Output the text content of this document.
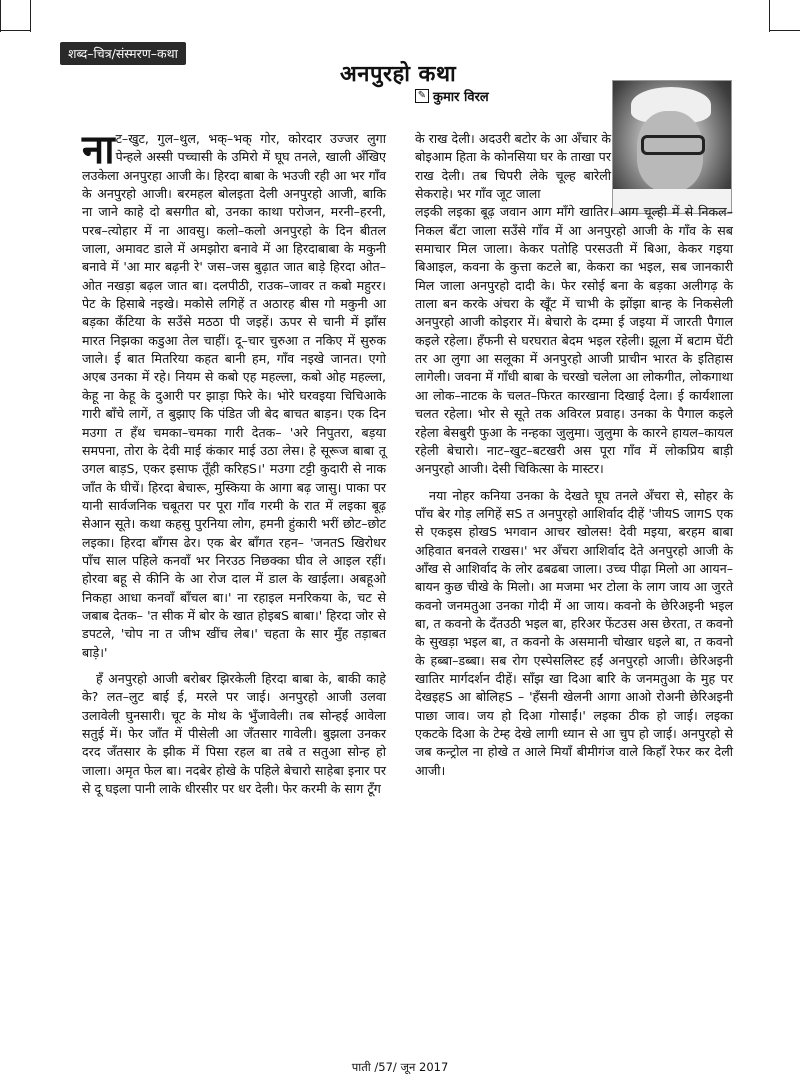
शब्द–चित्र/संस्मरण–कथा
अनपुरहो कथा
✎ कुमार विरल

नाट–खुट, गुल–थुल, भक्–भक् गोर, कोरदार उज्जर लुगा पेन्हले अस्सी पच्चासी के उमिरो में घूघ तनले, खाली अँखिए लउकेला अनपुरहा आजी के। हिरदा बाबा के भउजी रही आ भर गाँव के अनपुरहो आजी। बरमहल बोलइता देली अनपुरहो आजी, बाकि ना जाने काहे दो बसगीत बो, उनका काथा परोजन, मरनी–हरनी, परब–त्योहार में ना आवसु। कलो–कलो अनपुरहो के दिन बीतल जाला, अमावट डाले में अमझोरा बनावे में आ हिरदाबाबा के मकुनी बनावे में 'आ मार बढ़नी रे' जस–जस बुढ़ात जात बाड़े हिरदा ओत–ओत नखड़ा बढ़ल जात बा। दलपीठी, राउक–जावर त कबो महुरर। पेट के हिसाबे नइखे। मकोसे लगिहें त अठारह बीस गो मकुनी आ बड़का कँटिया के सउँसे मठठा पी जइहें। ऊपर से चानी में झाँस मारत निझका कडुआ तेल चाहीं। दू–चार चुरुआ त नकिए में सुरुक जाले। ई बात मितरिया कहत बानी हम, गाँव नइखे जानत। एगो अएब उनका में रहे। नियम से कबो एह महल्ला, कबो ओह महल्ला, केहू ना केहू के दुआरी पर झाड़ा फिरे के। भोरे घरवइया चिचिआके गारी बाँचे लागें, त बुझाए कि पंडित जी बेद बाचत बाड़न। एक दिन मउगा त हँथ चमका–चमका गारी देतक– 'अरे निपुतरा, बड़या समपना, तोरा के देवी माई कंकार माई उठा लेस। हे सूरूज बाबा तू उगल बाड़S, एकर इसाफ तूँही करिहS।' मउगा टट्टी कुदारी से नाक जाँत के घीचें। हिरदा बेचारू, मुस्किया के आगा बढ़ जासु। पाका पर यानी सार्वजनिक चबूतरा पर पूरा गाँव गरमी के रात में लइका बूढ़ सेआन सूते। कथा कहसु पुरनिया लोग, हमनी हुंकारी भरीं छोट–छोट लइका। हिरदा बाँगस ढेर। एक बेर बाँगत रहन– 'जनतS खिरोधर पाँच साल पहिले कनवाँ भर निरउठ निछक्का घीव ले आइल रहीं। होरवा बहू से कीनि के आ रोज दाल में डाल के खाईला। अबहूओ निकहा आधा कनवाँ बाँचल बा।' ना रहाइल मनरिकया के, चट से जबाब देतक– 'त सीक में बोर के खात होइबS बाबा।' हिरदा जोर से डपटले, 'चोप ना त जीभ खींच लेब।' चहता के सार मुँह तड़ाबत बाड़े।'

हँ अनपुरहो आजी बरोबर झिरकेली हिरदा बाबा के, बाकी काहे के? लत–लुट बाई ई, मरले पर जाई। अनपुरहो आजी उलवा उलावेली घुनसारी। चूट के मोथ के भुँजावेली। तब सोन्हई आवेला सतुई में। फेर जाँत में पीसेली आ जँतसार गावेली। बुझला उनकर दरद जँतसार के झीक में पिसा रहल बा तबे त सतुआ सोन्ह हो जाला। अमृत फेल बा। नदबेर होखे के पहिले बेचारो साहेबा इनार पर से दू घइला पानी लाके धीरसीर पर धर देली। फेर करमी के साग टूँग

के राख देली। अदउरी बटोर के आ अँचार के बोइआम हिता के कोनसिया घर के ताखा पर राख देली। तब चिपरी लेके चूल्ह बारेली सेकराहे। भर गाँव जूट जाला

लइकी लइका बूढ़ जवान आग माँगे खातिर। आग चूल्ही में से निकल–निकल बँटा जाला सउँसे गाँव में आ अनपुरहो आजी के गाँव के सब समाचार मिल जाला। केकर पतोहि परसउती में बिआ, केकर गइया बिआइल, कवना के कुत्ता कटले बा, केकरा का भइल, सब जानकारी मिल जाला अनपुरहो दादी के। फेर रसोई बना के बड़का अलीगढ़ के ताला बन करके अंचरा के खूँट में चाभी के झोंझा बान्ह के निकसेली अनपुरहो आजी कोइरार में। बेचारो के दम्मा ई जइया में जारती पैगाल कइले रहेला। हँफनी से घरघरात बेदम भइल रहेली। झूला में बटाम घेंटी तर आ लुगा आ सलूका में अनपुरहो आजी प्राचीन भारत के इतिहास लागेली। जवना में गाँधी बाबा के चरखो चलेला आ लोकगीत, लोकगाथा आ लोक–नाटक के चलत–फिरत कारखाना दिखाई देला। ई कार्यशाला चलत रहेला। भोर से सूते तक अविरल प्रवाह। उनका के पैगाल कइले रहेला बेसबुरी फुआ के नन्हका जुलुमा। जुलुमा के कारने हायल–कायल रहेली बेचारो। नाट–खुट–बटखरी अस पूरा गाँव में लोकप्रिय बाड़ी अनपुरहो आजी। देसी चिकित्सा के मास्टर।

नया नोहर कनिया उनका के देखते घूघ तनले अँचरा से, सोहर के पाँच बेर गोड़ लगिहें सS त अनपुरहो आशिर्वाद दीहें 'जीयS जागS एक से एकइस होखS भगवान आचर खोलस! देवी मइया, बरहम बाबा अहिवात बनवले राखस।' भर अँचरा आशिर्वाद देते अनपुरहो आजी के आँख से आशिर्वाद के लोर ढबढबा जाला। उच्च पीढ़ा मिलो आ आयन–बायन कुछ चीखे के मिलो। आ मजमा भर टोला के लाग जाय आ जुरते कवनो जनमतुआ उनका गोदी में आ जाय। कवनो के छेरिअइनी भइल बा, त कवनो के दँतउठी भइल बा, हरिअर फेंटउस अस छेरता, त कवनो के सुखड़ा भइल बा, त कवनो के असमानी चोखार धइले बा, त कवनो के हब्बा–डब्बा। सब रोग एस्पेसलिस्ट हईं अनपुरहो आजी। छेरिअइनी खातिर मार्गदर्शन दीहें। साँझ खा दिआ बारि के जनमतुआ के मुह पर देखइहS आ बोलिहS – 'हँसनी खेलनी आगा आओ रोअनी छेरिअइनी पाछा जाव। जय हो दिआ गोसाईं।' लइका ठीक हो जाई। लइका एकटके दिआ के टेम्ह देखे लागी ध्यान से आ चुप हो जाई। अनपुरहो से जब कन्ट्रोल ना होखे त आले मियाँ बीमीगंज वाले किहाँ रेफर कर देली आजी।

पाती /57/ जून 2017
